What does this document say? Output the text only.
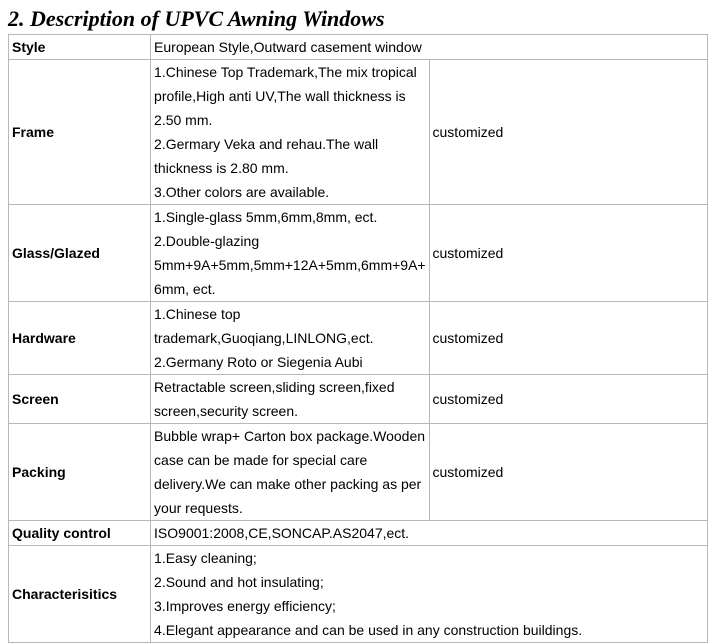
2. Description of UPVC Awning Windows
Style	European Style,Outward casement window	

Frame	1.Chinese Top Trademark,The mix tropical profile,High anti UV,The wall thickness is 2.50 mm.
2.Germary Veka and rehau.The wall thickness is 2.80 mm.
3.Other colors are available.	customized
Glass/Glazed	1.Single-glass 5mm,6mm,8mm, ect.
2.Double-glazing 5mm+9A+5mm,5mm+12A+5mm,6mm+9A+6mm, ect.	customized
Hardware	1.Chinese top trademark,Guoqiang,LINLONG,ect.
2.Germany Roto or Siegenia Aubi	customized
Screen	Retractable screen,sliding screen,fixed screen,security screen.	customized
Packing	Bubble wrap+ Carton box package.Wooden case can be made for special care delivery.We can make other packing as per your requests.	customized
Quality control	ISO9001:2008,CE,SONCAP.AS2047,ect.	

Characterisitics	1.Easy cleaning;
2.Sound and hot insulating;
3.Improves energy efficiency;
4.Elegant appearance and can be used in any construction buildings.	
